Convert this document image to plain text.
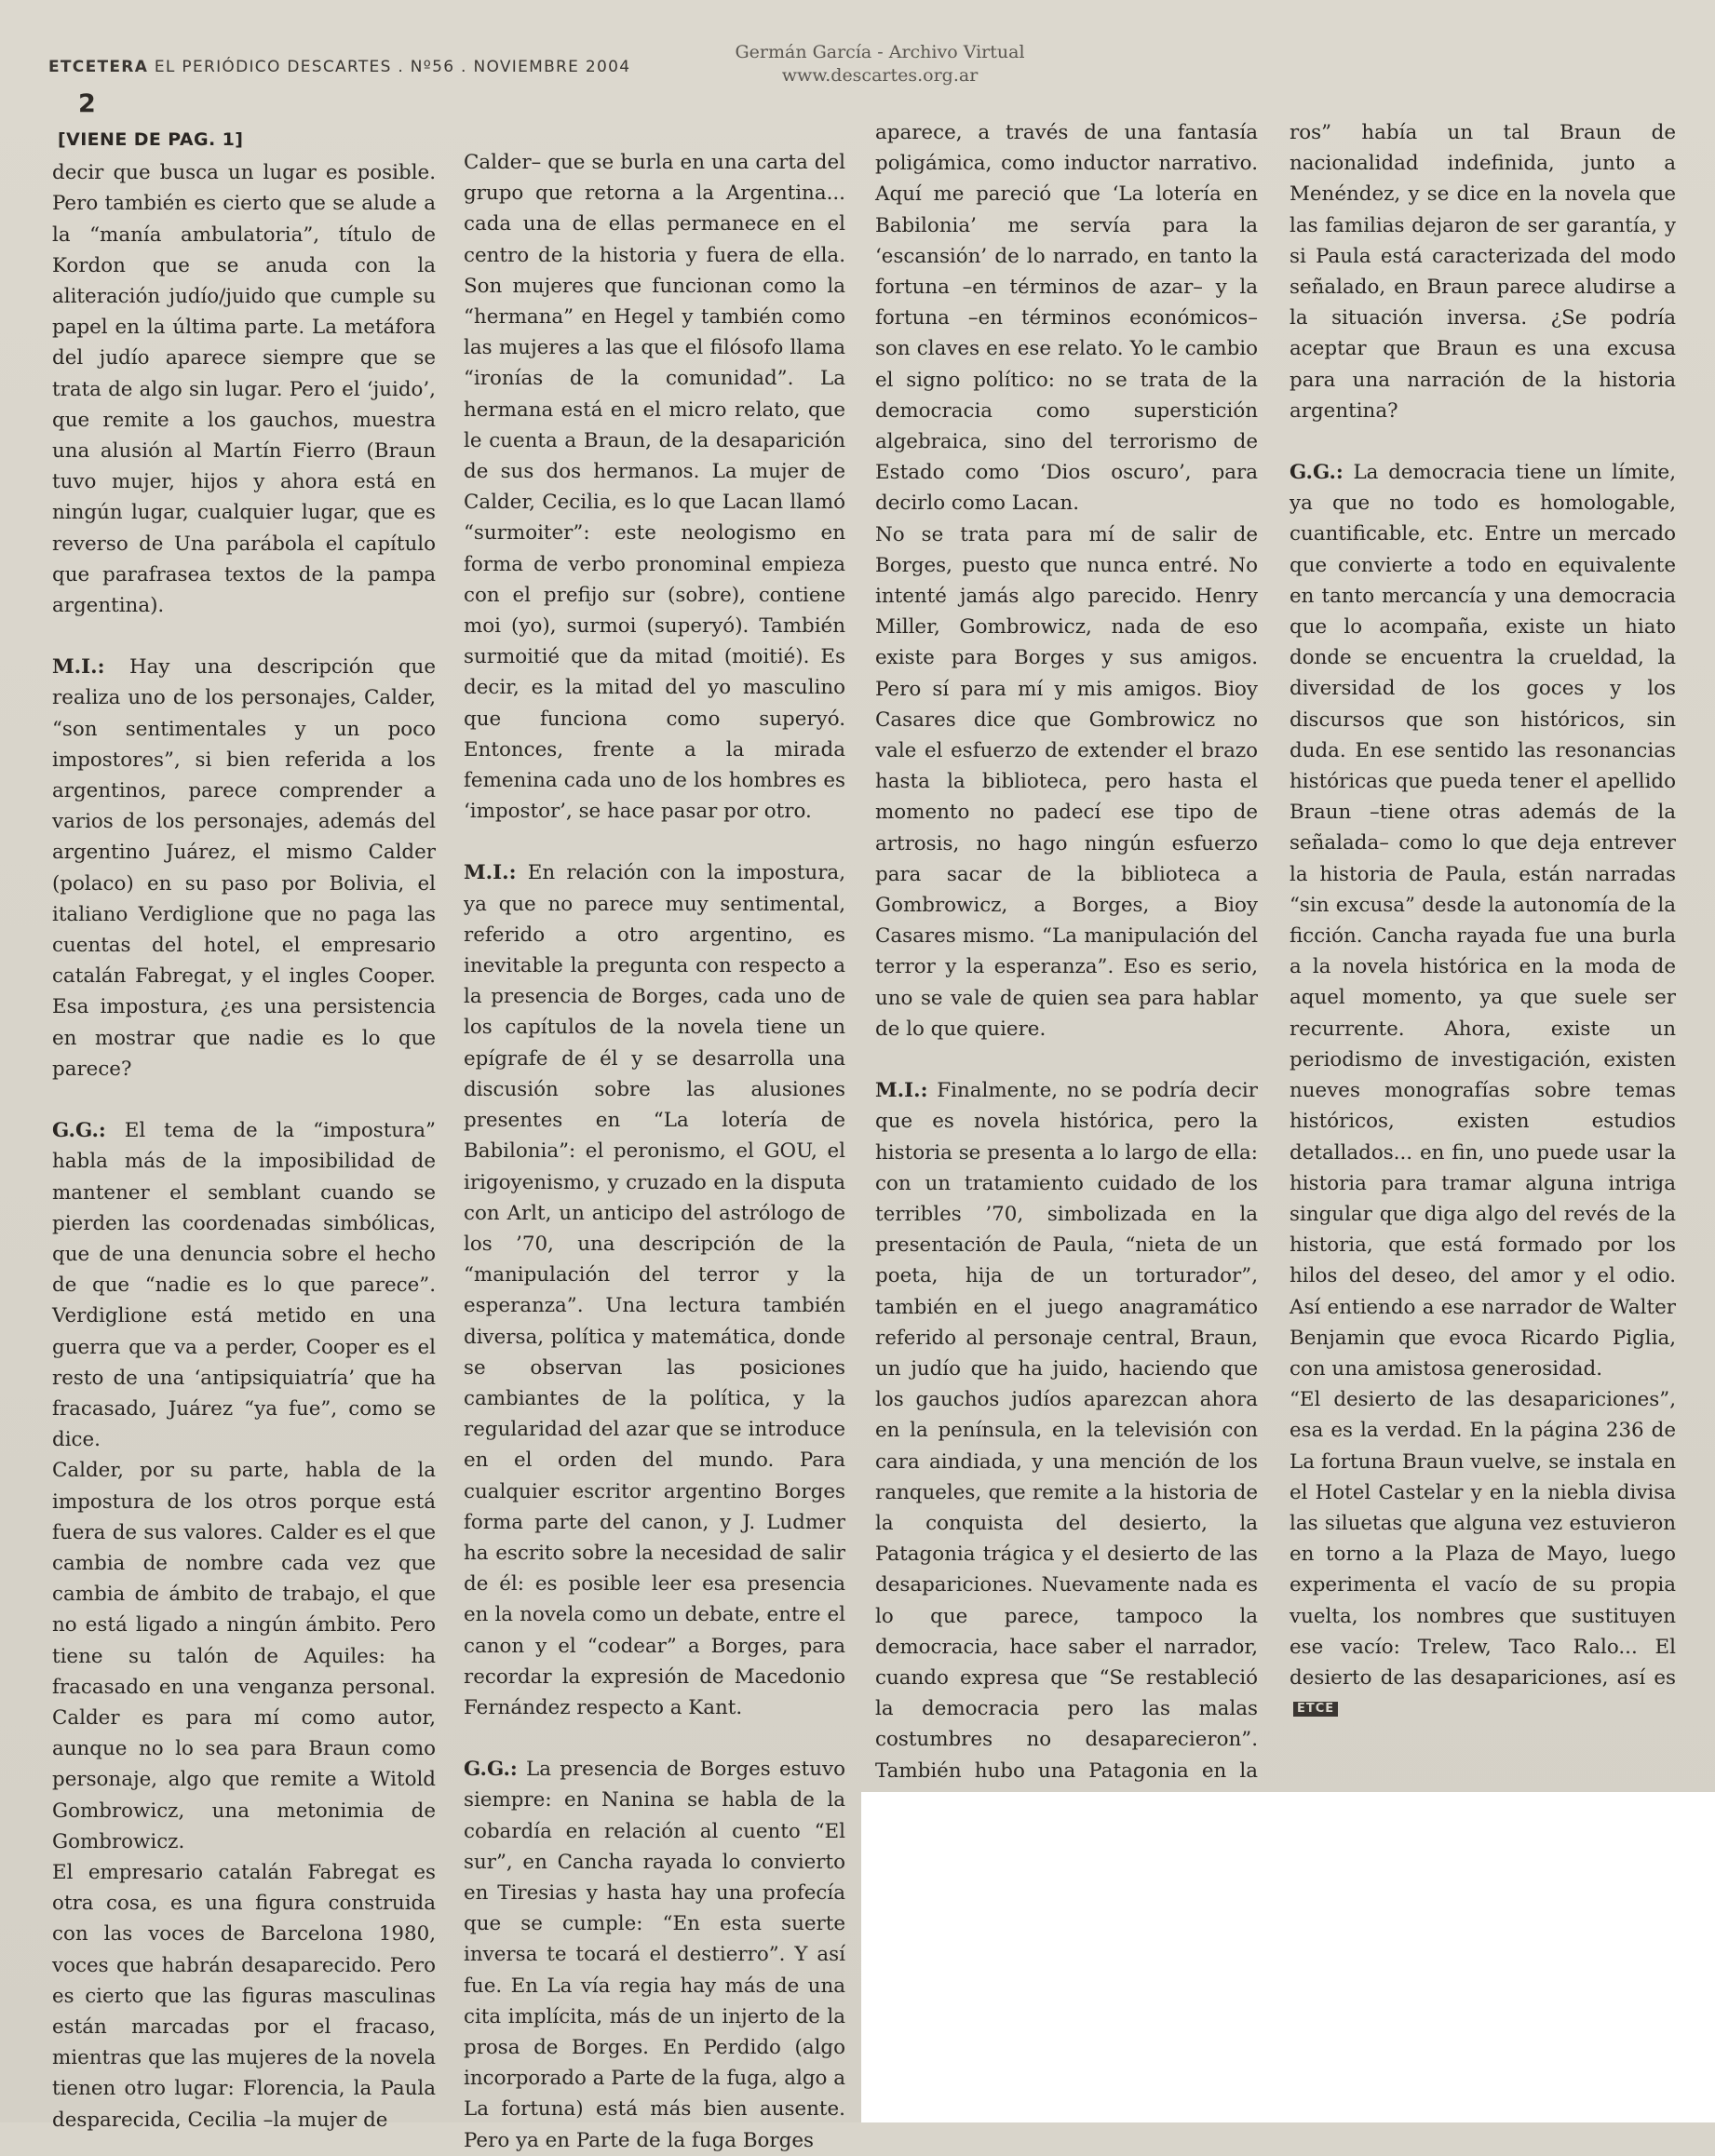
ETCETERA EL PERIÓDICO DESCARTES . Nº56 . NOVIEMBRE 2004
Germán García - Archivo Virtual
www.descartes.org.ar
2
[VIENE DE PAG. 1]

decir que busca un lugar es posible. Pero también es cierto que se alude a la “manía ambulatoria”, título de Kordon que se anuda con la aliteración judío/juido que cumple su papel en la última parte. La metáfora del judío aparece siempre que se trata de algo sin lugar. Pero el ‘juido’, que remite a los gauchos, muestra una alusión al Martín Fierro (Braun tuvo mujer, hijos y ahora está en ningún lugar, cualquier lugar, que es reverso de Una parábola el capítulo que parafrasea textos de la pampa argentina).

M.I.: Hay una descripción que realiza uno de los personajes, Calder, “son sentimentales y un poco impostores”, si bien referida a los argentinos, parece comprender a varios de los personajes, además del argentino Juárez, el mismo Calder (polaco) en su paso por Bolivia, el italiano Verdiglione que no paga las cuentas del hotel, el empresario catalán Fabregat, y el ingles Cooper. Esa impostura, ¿es una persistencia en mostrar que nadie es lo que parece?

G.G.: El tema de la “impostura” habla más de la imposibilidad de mantener el semblant cuando se pierden las coordenadas simbólicas, que de una denuncia sobre el hecho de que “nadie es lo que parece”. Verdiglione está metido en una guerra que va a perder, Cooper es el resto de una ‘antipsiquiatría’ que ha fracasado, Juárez “ya fue”, como se dice.

Calder, por su parte, habla de la impostura de los otros porque está fuera de sus valores. Calder es el que cambia de nombre cada vez que cambia de ámbito de trabajo, el que no está ligado a ningún ámbito. Pero tiene su talón de Aquiles: ha fracasado en una venganza personal. Calder es para mí como autor, aunque no lo sea para Braun como personaje, algo que remite a Witold Gombrowicz, una metonimia de Gombrowicz.

El empresario catalán Fabregat es otra cosa, es una figura construida con las voces de Barcelona 1980, voces que habrán desaparecido. Pero es cierto que las figuras masculinas están marcadas por el fracaso, mientras que las mujeres de la novela tienen otro lugar: Florencia, la Paula desparecida, Cecilia –la mujer de

Calder– que se burla en una carta del grupo que retorna a la Argentina... cada una de ellas permanece en el centro de la historia y fuera de ella. Son mujeres que funcionan como la “hermana” en Hegel y también como las mujeres a las que el filósofo llama “ironías de la comunidad”. La hermana está en el micro relato, que le cuenta a Braun, de la desaparición de sus dos hermanos. La mujer de Calder, Cecilia, es lo que Lacan llamó “surmoiter”: este neologismo en forma de verbo pronominal empieza con el prefijo sur (sobre), contiene moi (yo), surmoi (superyó). También surmoitié que da mitad (moitié). Es decir, es la mitad del yo masculino que funciona como superyó. Entonces, frente a la mirada femenina cada uno de los hombres es ‘impostor’, se hace pasar por otro.

M.I.: En relación con la impostura, ya que no parece muy sentimental, referido a otro argentino, es inevitable la pregunta con respecto a la presencia de Borges, cada uno de los capítulos de la novela tiene un epígrafe de él y se desarrolla una discusión sobre las alusiones presentes en “La lotería de Babilonia”: el peronismo, el GOU, el irigoyenismo, y cruzado en la disputa con Arlt, un anticipo del astrólogo de los ’70, una descripción de la “manipulación del terror y la esperanza”. Una lectura también diversa, política y matemática, donde se observan las posiciones cambiantes de la política, y la regularidad del azar que se introduce en el orden del mundo. Para cualquier escritor argentino Borges forma parte del canon, y J. Ludmer ha escrito sobre la necesidad de salir de él: es posible leer esa presencia en la novela como un debate, entre el canon y el “codear” a Borges, para recordar la expresión de Macedonio Fernández respecto a Kant.

G.G.: La presencia de Borges estuvo siempre: en Nanina se habla de la cobardía en relación al cuento “El sur”, en Cancha rayada lo convierto en Tiresias y hasta hay una profecía que se cumple: “En esta suerte inversa te tocará el destierro”. Y así fue. En La vía regia hay más de una cita implícita, más de un injerto de la prosa de Borges. En Perdido (algo incorporado a Parte de la fuga, algo a La fortuna) está más bien ausente. Pero ya en Parte de la fuga Borges

aparece, a través de una fantasía poligámica, como inductor narrativo. Aquí me pareció que ‘La lotería en Babilonia’ me servía para la ‘escansión’ de lo narrado, en tanto la fortuna –en términos de azar– y la fortuna –en términos económicos– son claves en ese relato. Yo le cambio el signo político: no se trata de la democracia como superstición algebraica, sino del terrorismo de Estado como ‘Dios oscuro’, para decirlo como Lacan.

No se trata para mí de salir de Borges, puesto que nunca entré. No intenté jamás algo parecido. Henry Miller, Gombrowicz, nada de eso existe para Borges y sus amigos. Pero sí para mí y mis amigos. Bioy Casares dice que Gombrowicz no vale el esfuerzo de extender el brazo hasta la biblioteca, pero hasta el momento no padecí ese tipo de artrosis, no hago ningún esfuerzo para sacar de la biblioteca a Gombrowicz, a Borges, a Bioy Casares mismo. “La manipulación del terror y la esperanza”. Eso es serio, uno se vale de quien sea para hablar de lo que quiere.

M.I.: Finalmente, no se podría decir que es novela histórica, pero la historia se presenta a lo largo de ella: con un tratamiento cuidado de los terribles ’70, simbolizada en la presentación de Paula, “nieta de un poeta, hija de un torturador”, también en el juego anagramático referido al personaje central, Braun, un judío que ha juido, haciendo que los gauchos judíos aparezcan ahora en la península, en la televisión con cara aindiada, y una mención de los ranqueles, que remite a la historia de la conquista del desierto, la Patagonia trágica y el desierto de las desapariciones. Nuevamente nada es lo que parece, tampoco la democracia, hace saber el narrador, cuando expresa que “Se restableció la democracia pero las malas costumbres no desaparecieron”. También hubo una Patagonia en la

ros” había un tal Braun de nacionalidad indefinida, junto a Menéndez, y se dice en la novela que las familias dejaron de ser garantía, y si Paula está caracterizada del modo señalado, en Braun parece aludirse a la situación inversa. ¿Se podría aceptar que Braun es una excusa para una narración de la historia argentina?

G.G.: La democracia tiene un límite, ya que no todo es homologable, cuantificable, etc. Entre un mercado que convierte a todo en equivalente en tanto mercancía y una democracia que lo acompaña, existe un hiato donde se encuentra la crueldad, la diversidad de los goces y los discursos que son históricos, sin duda. En ese sentido las resonancias históricas que pueda tener el apellido Braun –tiene otras además de la señalada– como lo que deja entrever la historia de Paula, están narradas “sin excusa” desde la autonomía de la ficción. Cancha rayada fue una burla a la novela histórica en la moda de aquel momento, ya que suele ser recurrente. Ahora, existe un periodismo de investigación, existen nueves monografías sobre temas históricos, existen estudios detallados... en fin, uno puede usar la historia para tramar alguna intriga singular que diga algo del revés de la historia, que está formado por los hilos del deseo, del amor y el odio. Así entiendo a ese narrador de Walter Benjamin que evoca Ricardo Piglia, con una amistosa generosidad.

“El desierto de las desapariciones”, esa es la verdad. En la página 236 de La fortuna Braun vuelve, se instala en el Hotel Castelar y en la niebla divisa las siluetas que alguna vez estuvieron en torno a la Plaza de Mayo, luego experimenta el vacío de su propia vuelta, los nombres que sustituyen ese vacío: Trelew, Taco Ralo... El desierto de las desapariciones, así es ETCE
